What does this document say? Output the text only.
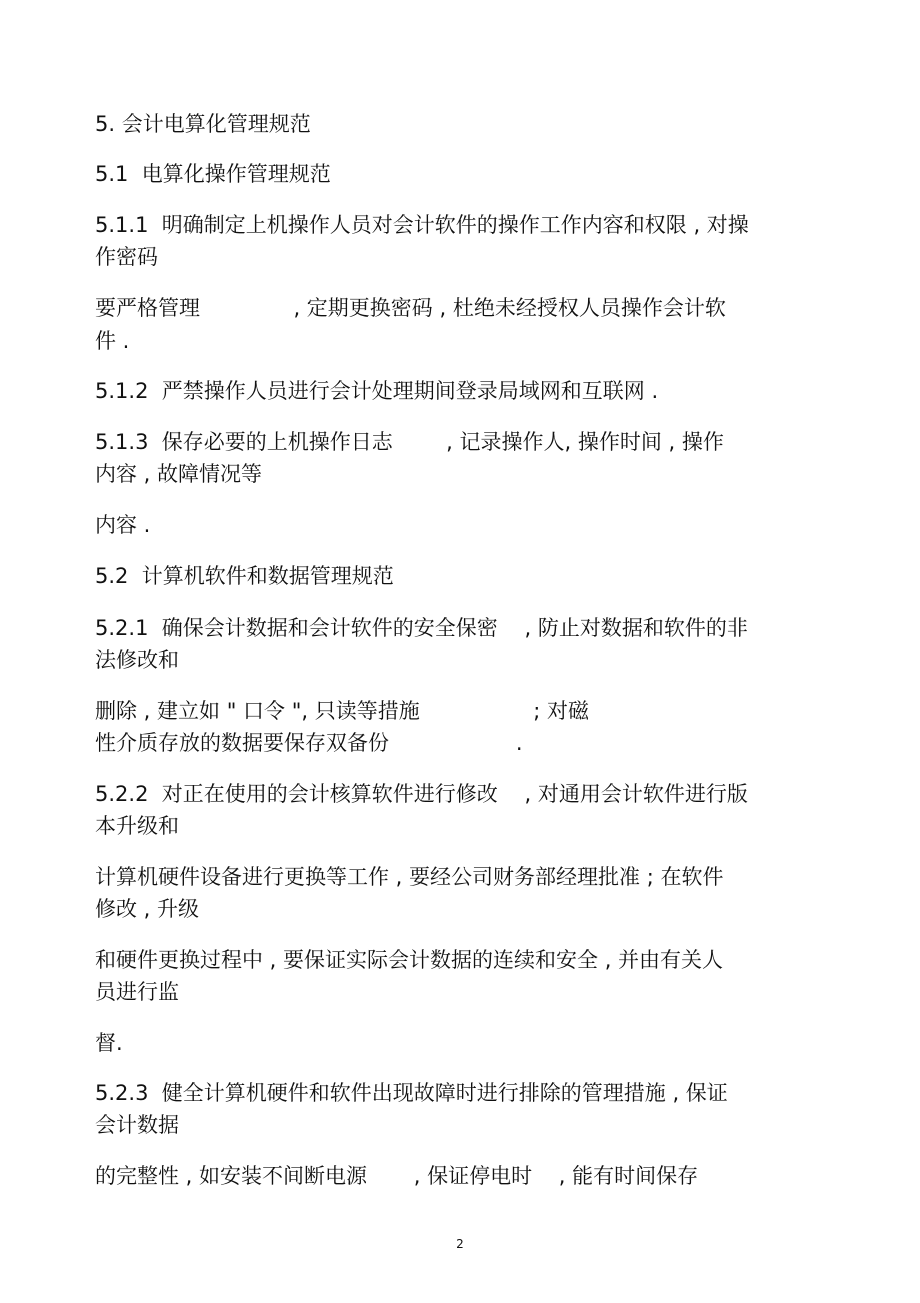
5. 会计电算化管理规范
5.1  电算化操作管理规范
5.1.1  明确制定上机操作人员对会计软件的操作工作内容和权限 , 对操
作密码
要严格管理              , 定期更换密码 , 杜绝未经授权人员操作会计软
件 .
5.1.2  严禁操作人员进行会计处理期间登录局域网和互联网 .
5.1.3  保存必要的上机操作日志        , 记录操作人, 操作时间 , 操作
内容 , 故障情况等
内容 .
5.2  计算机软件和数据管理规范
5.2.1  确保会计数据和会计软件的安全保密    , 防止对数据和软件的非
法修改和
删除 , 建立如 " 口令 ", 只读等措施                 ; 对磁
性介质存放的数据要保存双备份                   .
5.2.2  对正在使用的会计核算软件进行修改    , 对通用会计软件进行版
本升级和
计算机硬件设备进行更换等工作 , 要经公司财务部经理批准 ; 在软件
修改 , 升级
和硬件更换过程中 , 要保证实际会计数据的连续和安全 , 并由有关人
员进行监
督.
5.2.3  健全计算机硬件和软件出现故障时进行排除的管理措施 , 保证
会计数据
的完整性 , 如安装不间断电源       , 保证停电时    , 能有时间保存
2
